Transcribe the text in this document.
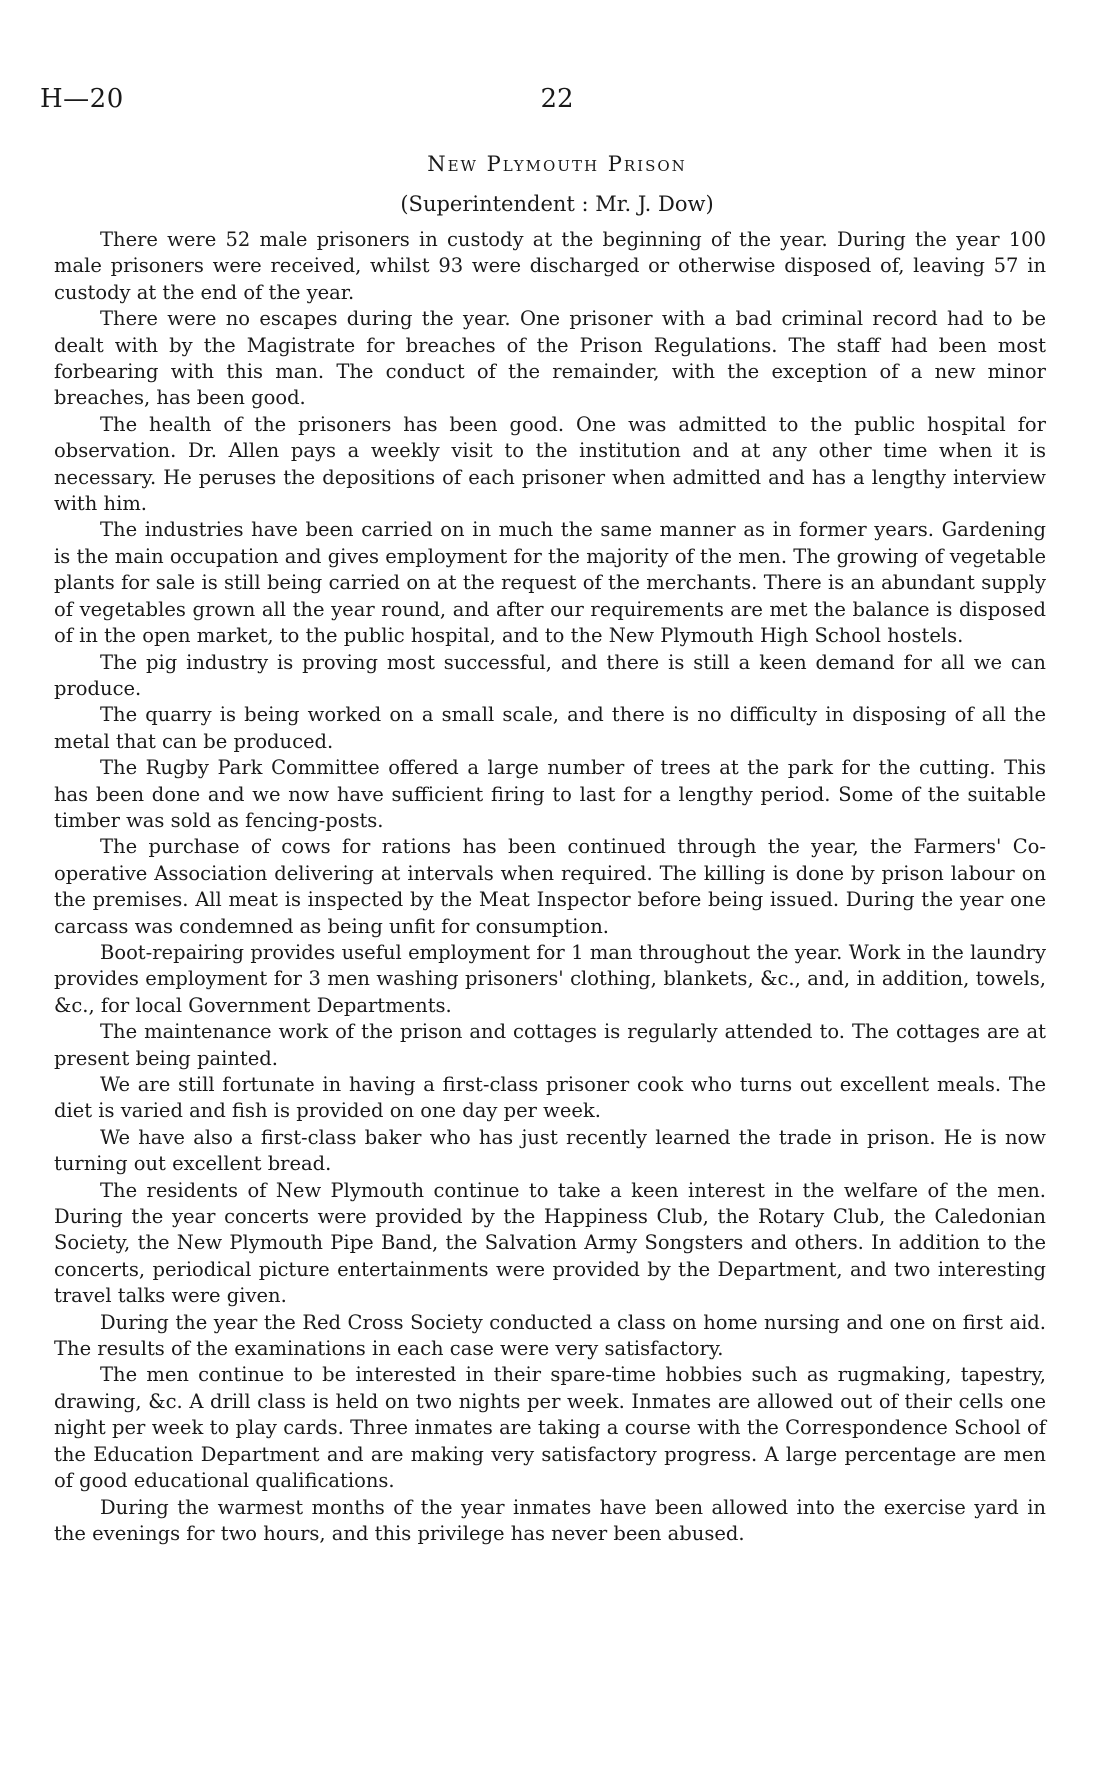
H—20	22
New Plymouth Prison
(Superintendent : Mr. J. Dow)

There were 52 male prisoners in custody at the beginning of the year. During the year 100 male prisoners were received, whilst 93 were discharged or otherwise disposed of, leaving 57 in custody at the end of the year.

There were no escapes during the year. One prisoner with a bad criminal record had to be dealt with by the Magistrate for breaches of the Prison Regulations. The staff had been most forbearing with this man. The conduct of the remainder, with the exception of a new minor breaches, has been good.

The health of the prisoners has been good. One was admitted to the public hospital for observation. Dr. Allen pays a weekly visit to the institution and at any other time when it is necessary. He peruses the depositions of each prisoner when admitted and has a lengthy interview with him.

The industries have been carried on in much the same manner as in former years. Gardening is the main occupation and gives employment for the majority of the men. The growing of vegetable plants for sale is still being carried on at the request of the merchants. There is an abundant supply of vegetables grown all the year round, and after our requirements are met the balance is disposed of in the open market, to the public hospital, and to the New Plymouth High School hostels.

The pig industry is proving most successful, and there is still a keen demand for all we can produce.

The quarry is being worked on a small scale, and there is no difficulty in disposing of all the metal that can be produced.

The Rugby Park Committee offered a large number of trees at the park for the cutting. This has been done and we now have sufficient firing to last for a lengthy period. Some of the suitable timber was sold as fencing-posts.

The purchase of cows for rations has been continued through the year, the Farmers' Co-operative Association delivering at intervals when required. The killing is done by prison labour on the premises. All meat is inspected by the Meat Inspector before being issued. During the year one carcass was condemned as being unfit for consumption.

Boot-repairing provides useful employment for 1 man throughout the year. Work in the laundry provides employment for 3 men washing prisoners' clothing, blankets, &c., and, in addition, towels, &c., for local Government Departments.

The maintenance work of the prison and cottages is regularly attended to. The cottages are at present being painted.

We are still fortunate in having a first-class prisoner cook who turns out excellent meals. The diet is varied and fish is provided on one day per week.

We have also a first-class baker who has just recently learned the trade in prison. He is now turning out excellent bread.

The residents of New Plymouth continue to take a keen interest in the welfare of the men. During the year concerts were provided by the Happiness Club, the Rotary Club, the Caledonian Society, the New Plymouth Pipe Band, the Salvation Army Songsters and others. In addition to the concerts, periodical picture entertainments were provided by the Department, and two interesting travel talks were given.

During the year the Red Cross Society conducted a class on home nursing and one on first aid. The results of the examinations in each case were very satisfactory.

The men continue to be interested in their spare-time hobbies such as rugmaking, tapestry, drawing, &c. A drill class is held on two nights per week. Inmates are allowed out of their cells one night per week to play cards. Three inmates are taking a course with the Correspondence School of the Education Department and are making very satisfactory progress. A large percentage are men of good educational qualifications.

During the warmest months of the year inmates have been allowed into the exercise yard in the evenings for two hours, and this privilege has never been abused.
